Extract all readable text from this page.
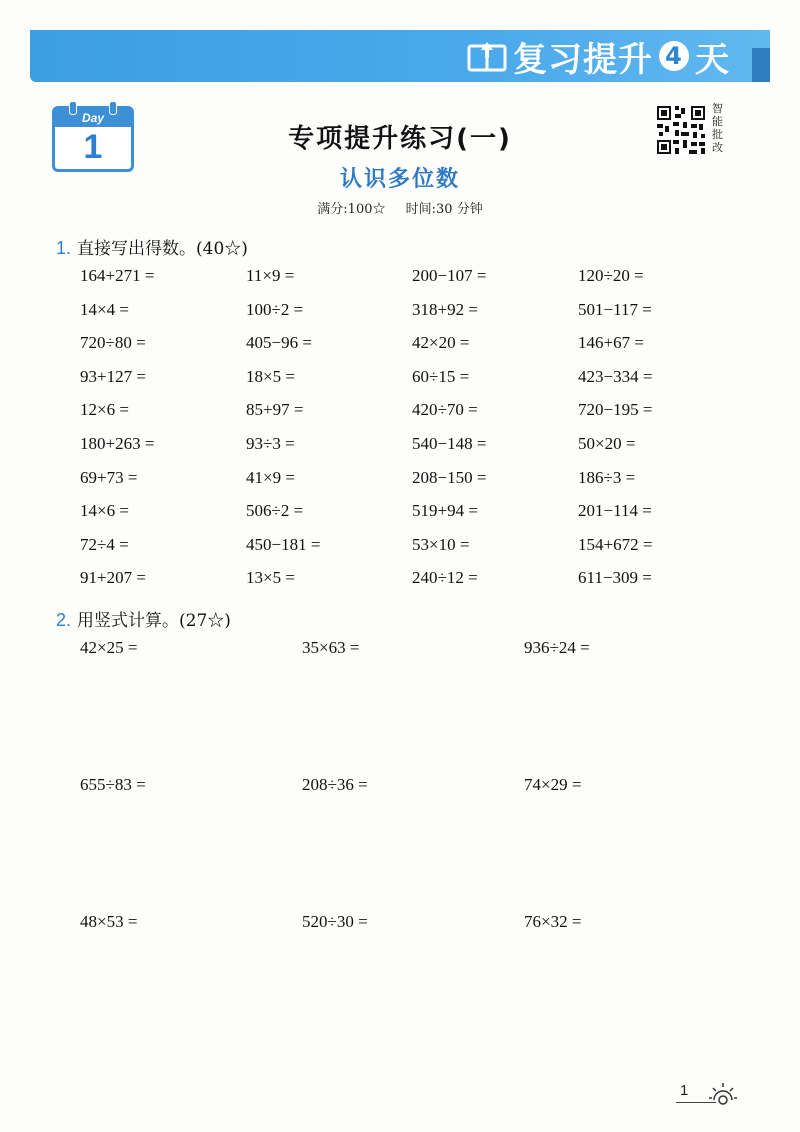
复习提升 4 天
Day
1	专项提升练习(一)
认识多位数
满分:100☆ 时间:30 分钟
智
能
批
改
1. 直接写出得数。(40☆)
164+271 =	11×9 =	200−107 =	120÷20 =
14×4 =	100÷2 =	318+92 =	501−117 =
720÷80 =	405−96 =	42×20 =	146+67 =
93+127 =	18×5 =	60÷15 =	423−334 =
12×6 =	85+97 =	420÷70 =	720−195 =
180+263 =	93÷3 =	540−148 =	50×20 =
69+73 =	41×9 =	208−150 =	186÷3 =
14×6 =	506÷2 =	519+94 =	201−114 =
72÷4 =	450−181 =	53×10 =	154+672 =
91+207 =	13×5 =	240÷12 =	611−309 =
2. 用竖式计算。(27☆)
42×25 =	35×63 =	936÷24 =
655÷83 =	208÷36 =	74×29 =
48×53 =	520÷30 =	76×32 =
1
